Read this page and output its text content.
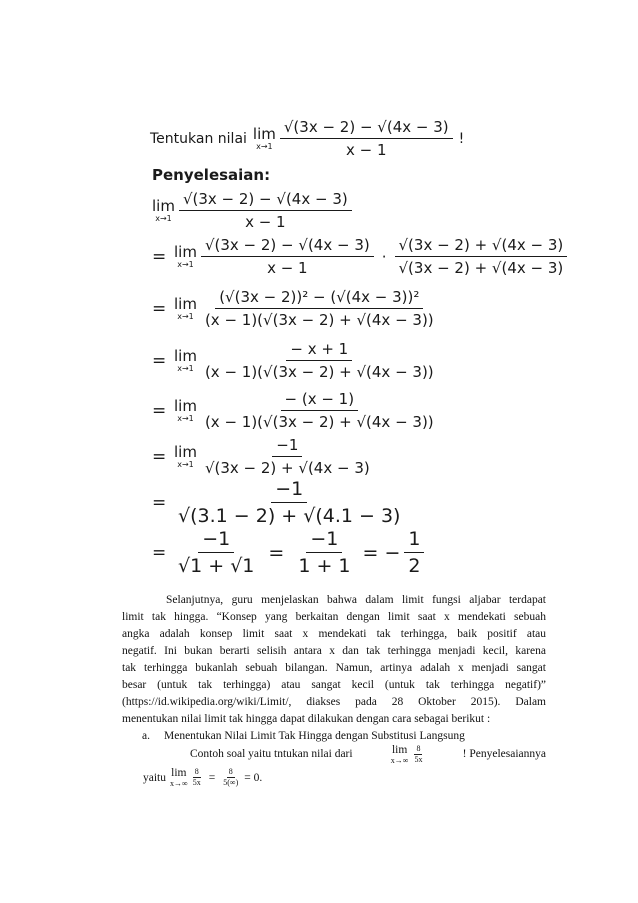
Tentukan nilai lim
$x\to 1 \frac{√(3x - 2) - √(4x - 3)}{x - 1}$ !
Penyelesaian:
lim
$x\to 1 \frac{√(3x - 2) - √(4x - 3)}{x - 1}$
= lim
$x\to 1 \frac{√(3x - 2) - √(4x - 3)}{x - 1} \cdot \frac{√(3x - 2) + √(4x - 3)}{√(3x - 2) + √(4x - 3)}$
= lim
$x\to 1 \frac{\text{(√(3x − 2))² − (√(4x − 3))²}}{(x - 1)(√(3x - 2) + √(4x - 3))}$
= lim
$x\to 1 \frac{- x + 1}{(x - 1)(√(3x - 2) + √(4x - 3))}$
= lim
$x\to 1 \frac{- (x - 1)}{(x - 1)(√(3x - 2) + √(4x - 3))}$
= lim
$x\to 1 \frac{-1}{√(3x - 2) + √(4x - 3)}$
= $\frac{-1}{√(3.1 - 2) + √(4.1 - 3)}$
= $\frac{-1}{√1 + √1} = \frac{-1}{1 + 1}$ = − $\frac{1}{2}$
Selanjutnya, guru menjelaskan bahwa dalam limit fungsi aljabar terdapat
limit tak hingga. “Konsep yang berkaitan dengan limit saat x mendekati sebuah
angka adalah konsep limit saat x mendekati tak terhingga, baik positif atau
negatif. Ini bukan berarti selisih antara x dan tak terhingga menjadi kecil, karena
tak terhingga bukanlah sebuah bilangan. Namun, artinya adalah x menjadi sangat
besar (untuk tak terhingga) atau sangat kecil (untuk tak terhingga negatif)”
(https://id.wikipedia.org/wiki/Limit/, diakses pada 28 Oktober 2015). Dalam
menentukan nilai limit tak hingga dapat dilakukan dengan cara sebagai berikut :
a.	Menentukan Nilai Limit Tak Hingga dengan Substitusi Langsung
Contoh soal yaitu tntukan nilai dari	lim
x→∞
8
5x	! Penyelesaiannya
yaitu lim
$x\to\infty \frac{8}{5x} = \frac{8}{5(\infty)} = 0$.
